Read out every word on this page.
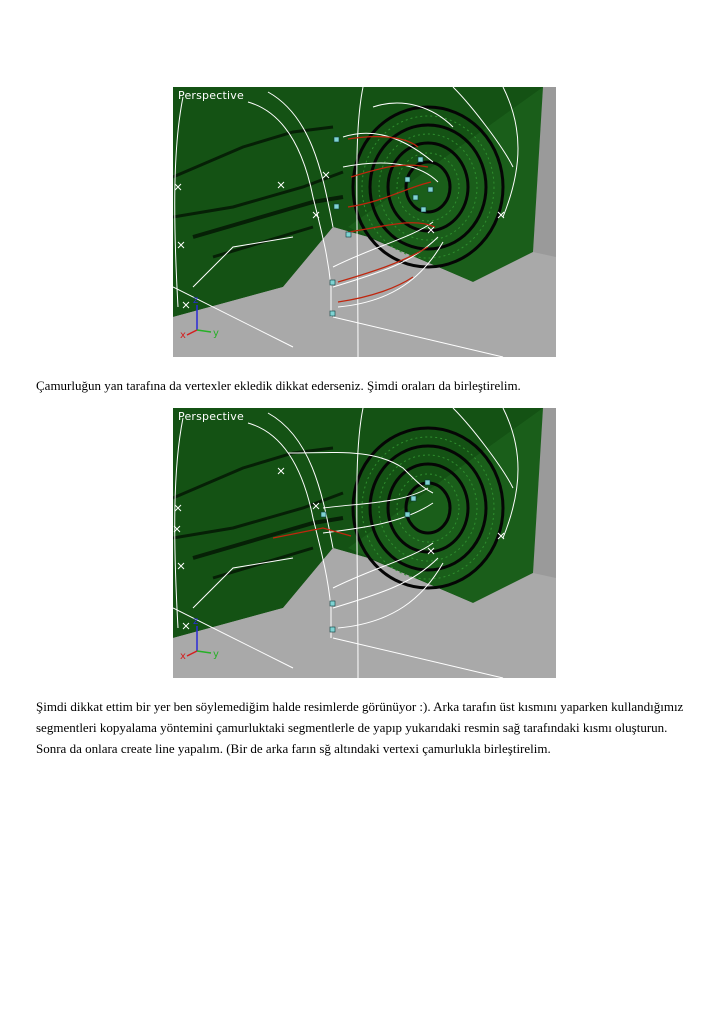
x	y
z
Perspective
Çamurluğun yan tarafına da vertexler ekledik dikkat ederseniz. Şimdi oraları da birleştirelim.
x	y
z
Perspective
Şimdi dikkat ettim bir yer ben söylemediğim halde resimlerde görünüyor :). Arka tarafın üst kısmını yaparken kullandığımız segmentleri kopyalama yöntemini çamurluktaki segmentlerle de yapıp yukarıdaki resmin sağ tarafındaki kısmı oluşturun. Sonra da onlara create line yapalım. (Bir de arka farın sğ altındaki vertexi çamurlukla birleştirelim.
